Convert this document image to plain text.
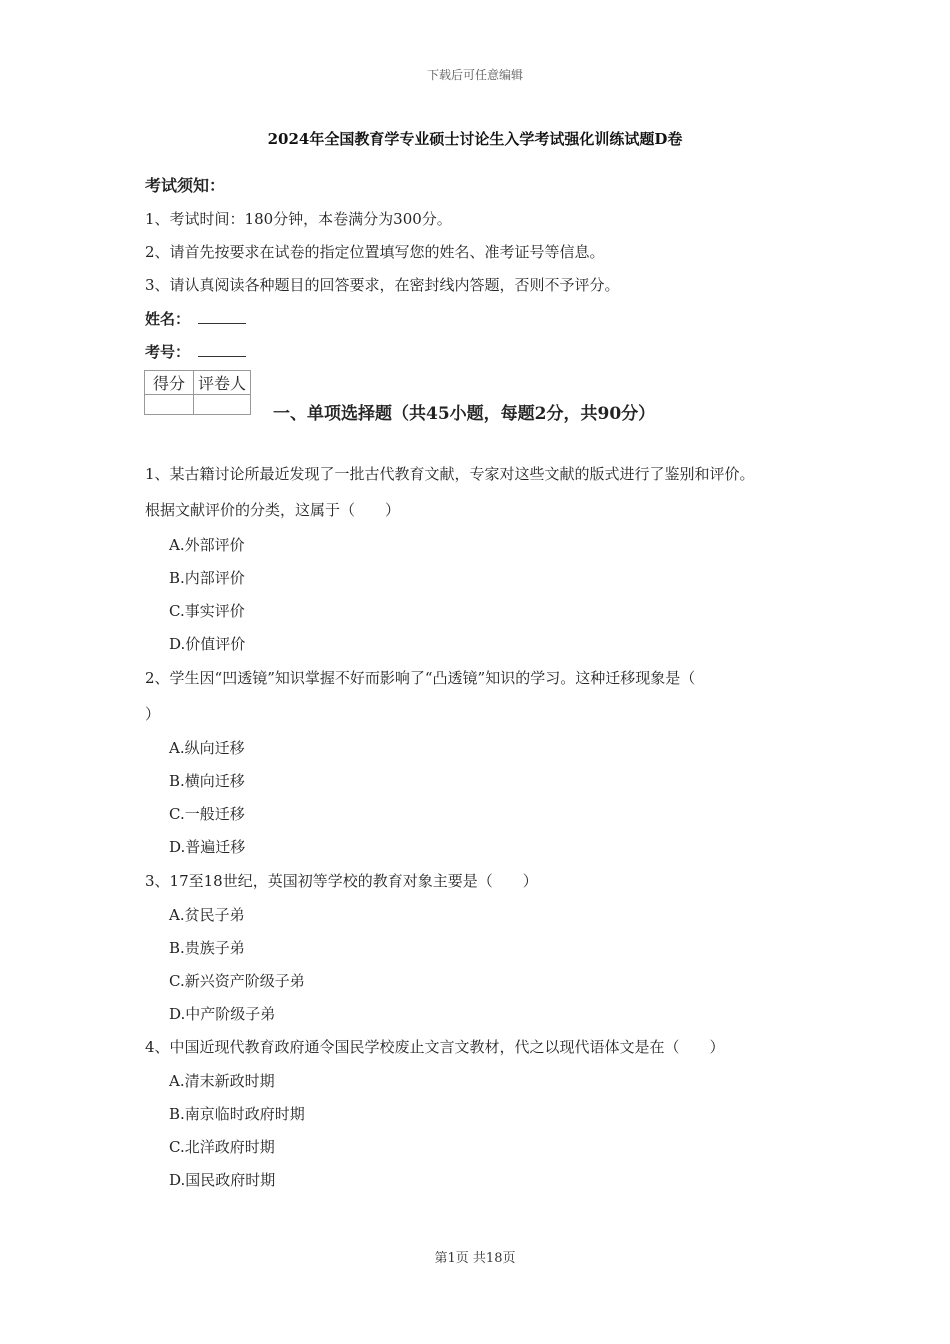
下载后可任意编辑
2024年全国教育学专业硕士讨论生入学考试强化训练试题D卷
考试须知：
1、考试时间：180分钟，本卷满分为300分。
2、请首先按要求在试卷的指定位置填写您的姓名、准考证号等信息。
3、请认真阅读各种题目的回答要求，在密封线内答题，否则不予评分。
姓名：
考号：
得分	评卷人

一、单项选择题（共45小题，每题2分，共90分）
1、某古籍讨论所最近发现了一批古代教育文献，专家对这些文献的版式进行了鉴别和评价。
根据文献评价的分类，这属于（　　）
A.外部评价
B.内部评价
C.事实评价
D.价值评价
2、学生因“凹透镜”知识掌握不好而影响了“凸透镜”知识的学习。这种迁移现象是（
）
A.纵向迁移
B.横向迁移
C.一般迁移
D.普遍迁移
3、17至18世纪，英国初等学校的教育对象主要是（　　）
A.贫民子弟
B.贵族子弟
C.新兴资产阶级子弟
D.中产阶级子弟
4、中国近现代教育政府通令国民学校废止文言文教材，代之以现代语体文是在（　　）
A.清末新政时期
B.南京临时政府时期
C.北洋政府时期
D.国民政府时期
第1页 共18页
